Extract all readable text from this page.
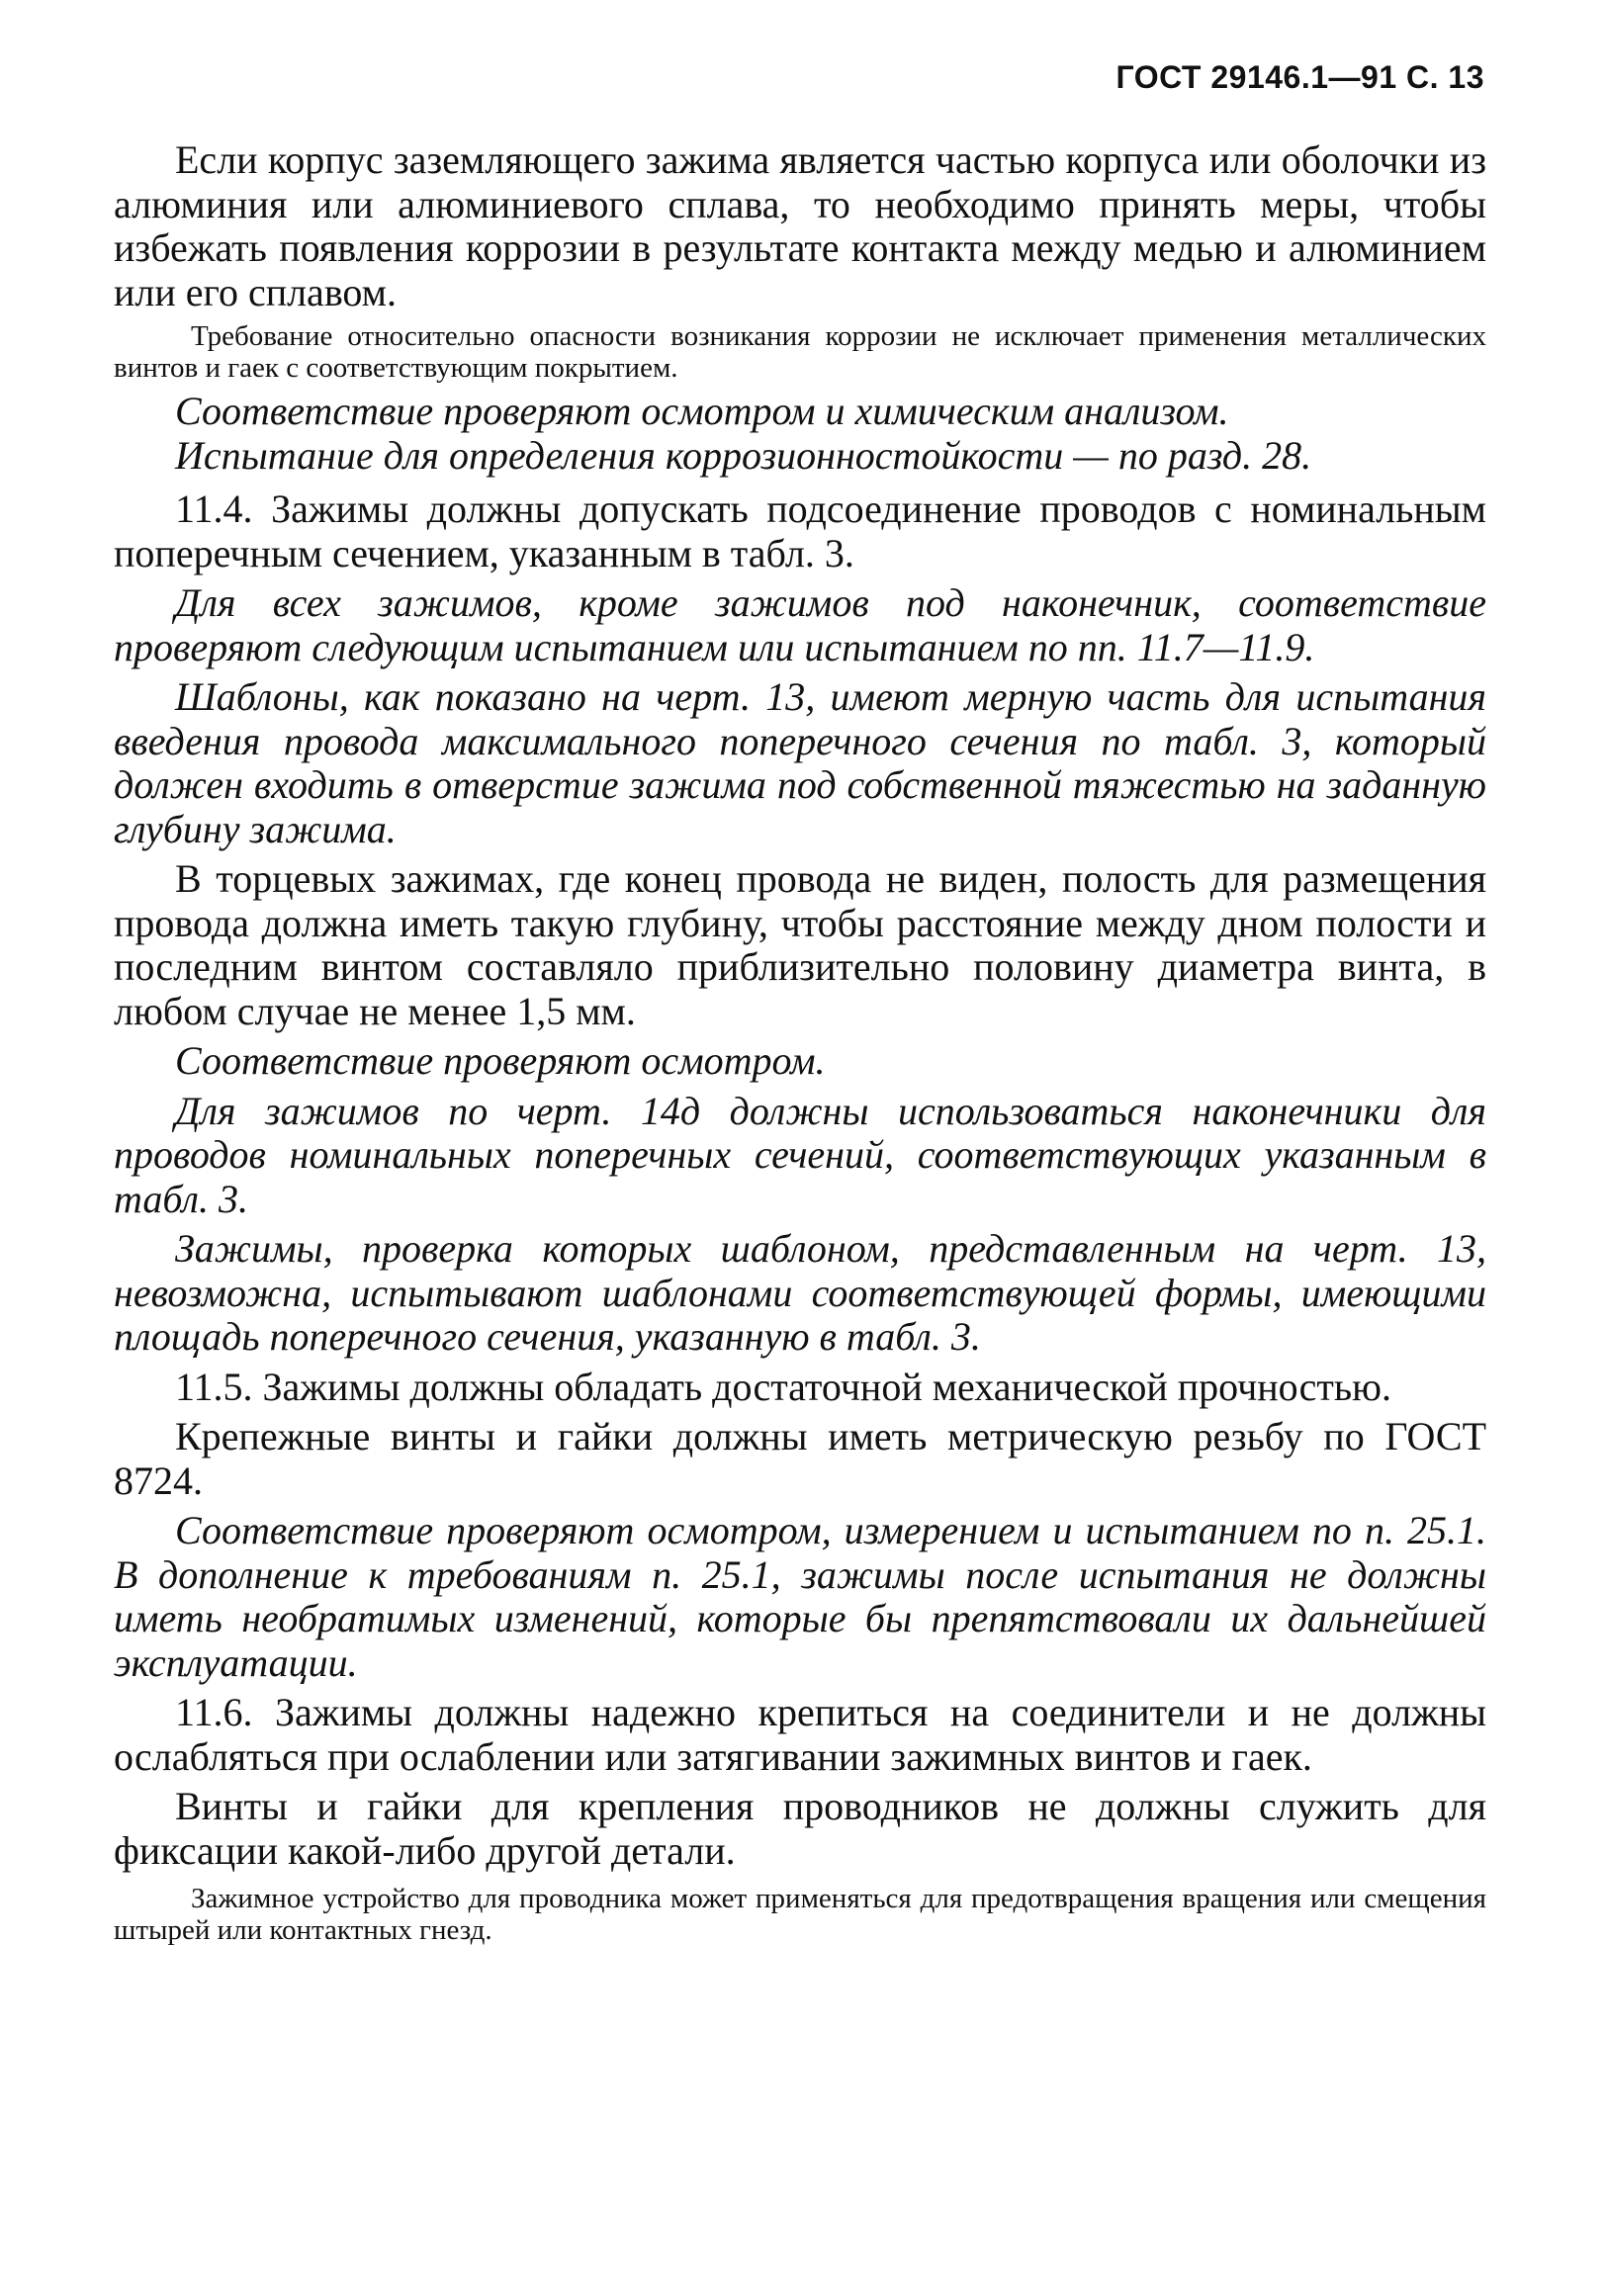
ГОСТ 29146.1—91 С. 13

Если корпус заземляющего зажима является частью корпуса или оболочки из алюминия или алюминиевого сплава, то необходимо принять меры, чтобы избежать появления коррозии в результате контакта между медью и алюминием или его сплавом.

Требование относительно опасности возникания коррозии не исключает применения металлических винтов и гаек с соответствующим покрытием.

Соответствие проверяют осмотром и химическим анализом.

Испытание для определения коррозионностойкости — по разд. 28.

11.4. Зажимы должны допускать подсоединение проводов с номинальным поперечным сечением, указанным в табл. 3.

Для всех зажимов, кроме зажимов под наконечник, соответствие проверяют следующим испытанием или испытанием по пп. 11.7—11.9.

Шаблоны, как показано на черт. 13, имеют мерную часть для испытания введения провода максимального поперечного сечения по табл. 3, который должен входить в отверстие зажима под собственной тяжестью на заданную глубину зажима.

В торцевых зажимах, где конец провода не виден, полость для размещения провода должна иметь такую глубину, чтобы расстояние между дном полости и последним винтом составляло приблизительно половину диаметра винта, в любом случае не менее 1,5 мм.

Соответствие проверяют осмотром.

Для зажимов по черт. 14д должны использоваться наконечники для проводов номинальных поперечных сечений, соответствующих указанным в табл. 3.

Зажимы, проверка которых шаблоном, представленным на черт. 13, невозможна, испытывают шаблонами соответствующей формы, имеющими площадь поперечного сечения, указанную в табл. 3.

11.5. Зажимы должны обладать достаточной механической прочностью.

Крепежные винты и гайки должны иметь метрическую резьбу по ГОСТ 8724.

Соответствие проверяют осмотром, измерением и испытанием по п. 25.1. В дополнение к требованиям п. 25.1, зажимы после испытания не должны иметь необратимых изменений, которые бы препятствовали их дальнейшей эксплуатации.

11.6. Зажимы должны надежно крепиться на соединители и не должны ослабляться при ослаблении или затягивании зажимных винтов и гаек.

Винты и гайки для крепления проводников не должны служить для фиксации какой-либо другой детали.

Зажимное устройство для проводника может применяться для предотвращения вращения или смещения штырей или контактных гнезд.
